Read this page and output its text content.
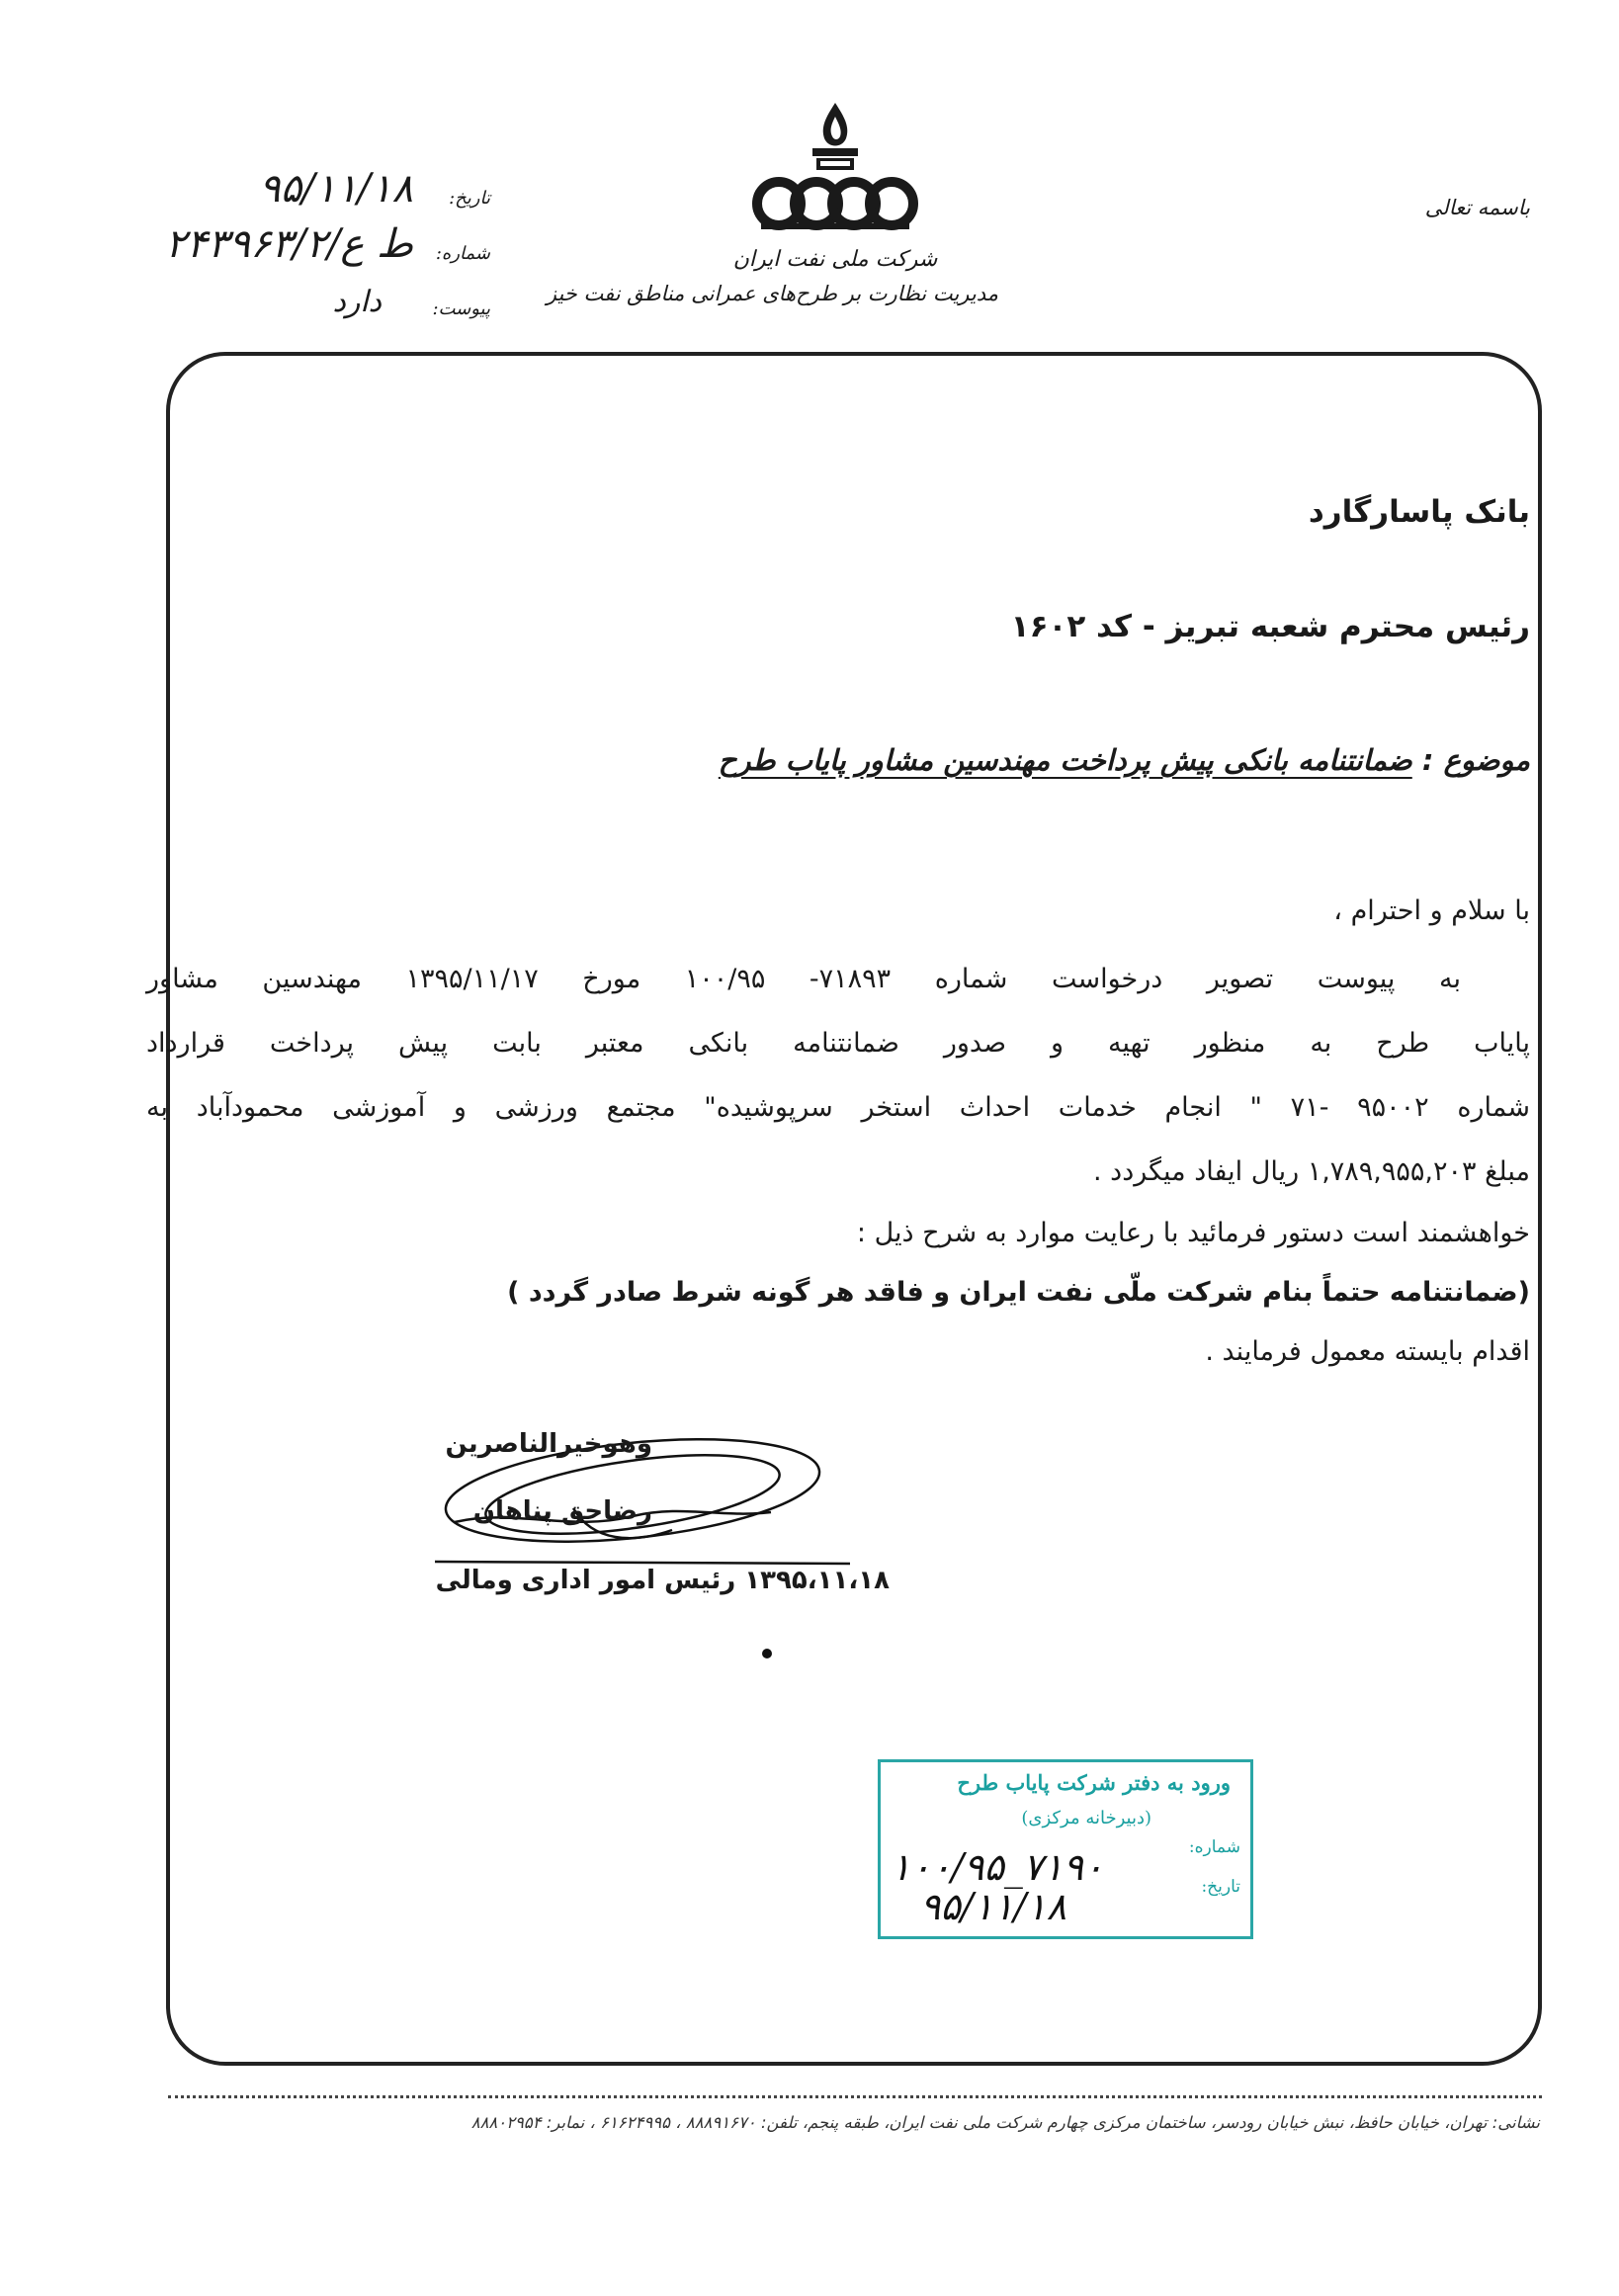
شرکت ملی نفت ایران
مدیریت نظارت بر طرح‌های عمرانی مناطق نفت خیز
باسمه تعالی
تاریخ:
۹۵/۱۱/۱۸
شماره:
ط ع/۲۴۳۹۶۳/۲
پیوست:
دارد
بانک پاسارگارد
رئیس محترم شعبه تبریز - کد ۱۶۰۲
موضوع : ضمانتنامه بانکی پیش پرداخت مهندسین مشاور پایاب طرح
با سلام و احترام ،
به پیوست تصویر درخواست شماره ۷۱۸۹۳- ۱۰۰/۹۵ مورخ ۱۳۹۵/۱۱/۱۷ مهندسین مشاور
پایاب طرح به منظور تهیه و صدور ضمانتنامه بانکی معتبر بابت پیش پرداخت قرارداد
شماره ۹۵۰۰۲ -۷۱ " انجام خدمات احداث استخر سرپوشیده" مجتمع ورزشی و آموزشی محمودآباد به
مبلغ ۱,۷۸۹,۹۵۵,۲۰۳ ریال ایفاد میگردد .
خواهشمند است دستور فرمائید با رعایت موارد به شرح ذیل :
(ضمانتنامه حتماً بنام شرکت ملّی نفت ایران و فاقد هر گونه شرط صادر گردد )
اقدام بایسته معمول فرمایند .
وهوخیرالناصرین
رضاحق پناهان
۱۳۹۵،۱۱،۱۸ رئیس امور اداری ومالی
ورود به دفتر شرکت پایاب طرح
(دبیرخانه مرکزی)
شماره:
تاریخ:
۷۱۹۰_۱۰۰/۹۵
۹۵/۱۱/۱۸
نشانی: تهران، خیابان حافظ، نبش خیابان رودسر، ساختمان مرکزی چهارم شرکت ملی نفت ایران، طبقه پنجم، تلفن: ۸۸۸۹۱۶۷۰ ، ۶۱۶۲۴۹۹۵ ، نمابر: ۸۸۸۰۲۹۵۴
